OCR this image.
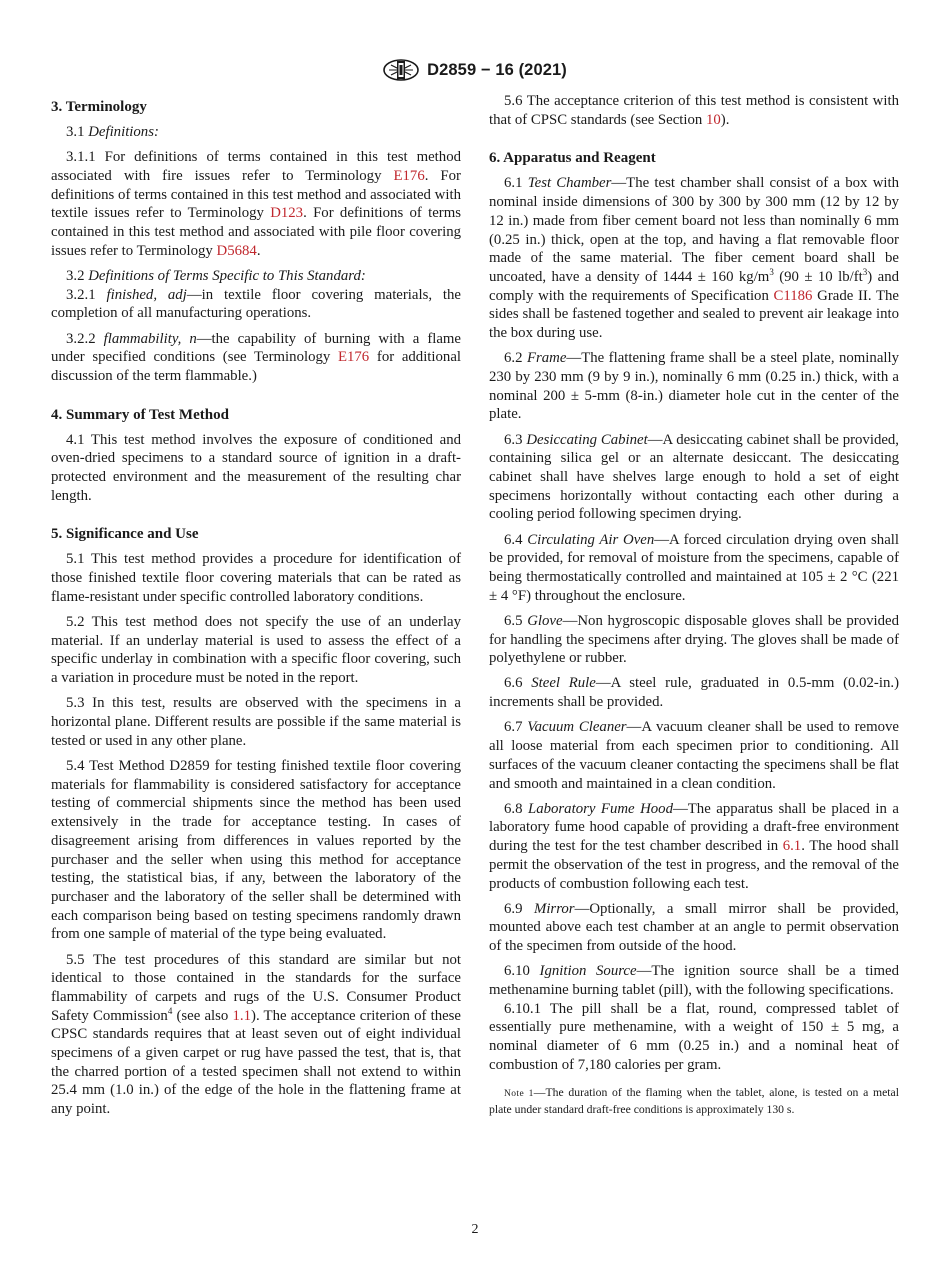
D2859 − 16 (2021)
3. Terminology

3.1 Definitions:

3.1.1 For definitions of terms contained in this test method associated with fire issues refer to Terminology E176. For definitions of terms contained in this test method and associated with textile issues refer to Terminology D123. For definitions of terms contained in this test method and associated with pile floor covering issues refer to Terminology D5684.

3.2 Definitions of Terms Specific to This Standard:

3.2.1 finished, adj—in textile floor covering materials, the completion of all manufacturing operations.

3.2.2 flammability, n—the capability of burning with a flame under specified conditions (see Terminology E176 for additional discussion of the term flammable.)

4. Summary of Test Method

4.1 This test method involves the exposure of conditioned and oven-dried specimens to a standard source of ignition in a draft-protected environment and the measurement of the resulting char length.

5. Significance and Use

5.1 This test method provides a procedure for identification of those finished textile floor covering materials that can be rated as flame-resistant under specific controlled laboratory conditions.

5.2 This test method does not specify the use of an underlay material. If an underlay material is used to assess the effect of a specific underlay in combination with a specific floor covering, such a variation in procedure must be noted in the report.

5.3 In this test, results are observed with the specimens in a horizontal plane. Different results are possible if the same material is tested or used in any other plane.

5.4 Test Method D2859 for testing finished textile floor covering materials for flammability is considered satisfactory for acceptance testing of commercial shipments since the method has been used extensively in the trade for acceptance testing. In cases of disagreement arising from differences in values reported by the purchaser and the seller when using this method for acceptance testing, the statistical bias, if any, between the laboratory of the purchaser and the laboratory of the seller shall be determined with each comparison being based on testing specimens randomly drawn from one sample of material of the type being evaluated.

5.5 The test procedures of this standard are similar but not identical to those contained in the standards for the surface flammability of carpets and rugs of the U.S. Consumer Product Safety Commission$^4$ (see also 1.1). The acceptance criterion of these CPSC standards requires that at least seven out of eight individual specimens of a given carpet or rug have passed the test, that is, that the charred portion of a tested specimen shall not extend to within 25.4 mm (1.0 in.) of the edge of the hole in the flattening frame at any point.

5.6 The acceptance criterion of this test method is consistent with that of CPSC standards (see Section 10).

6. Apparatus and Reagent

6.1 Test Chamber—The test chamber shall consist of a box with nominal inside dimensions of 300 by 300 by 300 mm (12 by 12 by 12 in.) made from fiber cement board not less than nominally 6 mm (0.25 in.) thick, open at the top, and having a flat removable floor made of the same material. The fiber cement board shall be uncoated, have a density of 1444 ± 160 $kg/m^3$ (90 ± 10 $lb/ft^3$) and comply with the requirements of Specification C1186 Grade II. The sides shall be fastened together and sealed to prevent air leakage into the box during use.

6.2 Frame—The flattening frame shall be a steel plate, nominally 230 by 230 mm (9 by 9 in.), nominally 6 mm (0.25 in.) thick, with a nominal 200 ± 5-mm (8-in.) diameter hole cut in the center of the plate.

6.3 Desiccating Cabinet—A desiccating cabinet shall be provided, containing silica gel or an alternate desiccant. The desiccating cabinet shall have shelves large enough to hold a set of eight specimens horizontally without contacting each other during a cooling period following specimen drying.

6.4 Circulating Air Oven—A forced circulation drying oven shall be provided, for removal of moisture from the specimens, capable of being thermostatically controlled and maintained at 105 ± 2 °C (221 ± 4 °F) throughout the enclosure.

6.5 Glove—Non hygroscopic disposable gloves shall be provided for handling the specimens after drying. The gloves shall be made of polyethylene or rubber.

6.6 Steel Rule—A steel rule, graduated in 0.5-mm (0.02-in.) increments shall be provided.

6.7 Vacuum Cleaner—A vacuum cleaner shall be used to remove all loose material from each specimen prior to conditioning. All surfaces of the vacuum cleaner contacting the specimens shall be flat and smooth and maintained in a clean condition.

6.8 Laboratory Fume Hood—The apparatus shall be placed in a laboratory fume hood capable of providing a draft-free environment during the test for the test chamber described in 6.1. The hood shall permit the observation of the test in progress, and the removal of the products of combustion following each test.

6.9 Mirror—Optionally, a small mirror shall be provided, mounted above each test chamber at an angle to permit observation of the specimen from outside of the hood.

6.10 Ignition Source—The ignition source shall be a timed methenamine burning tablet (pill), with the following specifications.

6.10.1 The pill shall be a flat, round, compressed tablet of essentially pure methenamine, with a weight of 150 ± 5 mg, a nominal diameter of 6 mm (0.25 in.) and a nominal heat of combustion of 7,180 calories per gram.

Note 1—The duration of the flaming when the tablet, alone, is tested on a metal plate under standard draft-free conditions is approximately 130 s.
2
